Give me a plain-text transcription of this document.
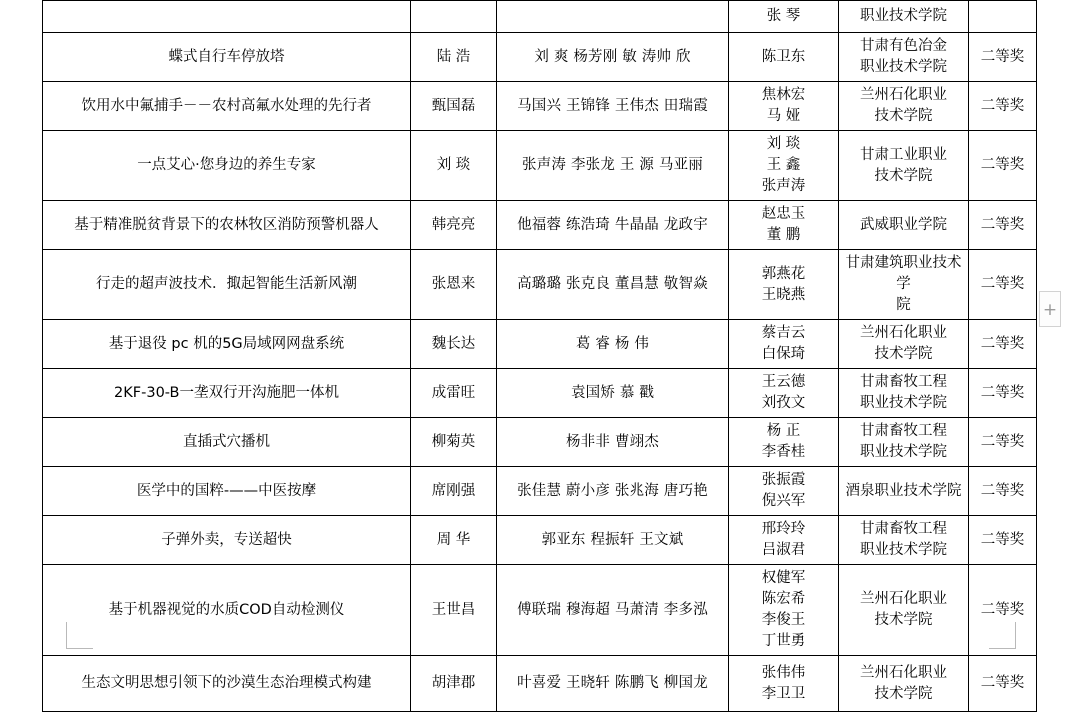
			张 琴	职业技术学院	

蝶式自行车停放塔	陆 浩	刘 爽 杨芳刚 敏 涛帅 欣	陈卫东	甘肃有色冶金
职业技术学院	二等奖

饮用水中氟捕手－－农村高氟水处理的先行者	甄国磊	马国兴 王锦锋 王伟杰 田瑞霞	焦林宏
马 娅	兰州石化职业
技术学院	二等奖

一点艾心·您身边的养生专家	刘 琰	张声涛 李张龙 王 源 马亚丽	刘 琰
王 鑫
张声涛	甘肃工业职业
技术学院	二等奖

基于精准脱贫背景下的农林牧区消防预警机器人	韩亮亮	他福蓉 练浩琦 牛晶晶 龙政宇	赵忠玉
董 鹏	武威职业学院	二等奖

行走的超声波技术．掫起智能生活新风潮	张恩来	高璐璐 张克良 董昌慧 敬智焱	郭燕花
王晓燕	甘肃建筑职业技术学
院	二等奖

基于退役 pc 机的5G局域网网盘系统	魏长达	葛 睿 杨 伟	蔡吉云
白保琦	兰州石化职业
技术学院	二等奖

2KF-30-B一垄双行开沟施肥一体机	成雷旺	袁国矫 慕 戳	王云德
刘孜文	甘肃畜牧工程
职业技术学院	二等奖

直插式穴播机	柳菊英	杨非非 曹翊杰	杨 正
李香桂	甘肃畜牧工程
职业技术学院	二等奖

医学中的国粹-——中医按摩	席刚强	张佳慧 蔚小彦 张兆海 唐巧艳	张振霞
倪兴军	酒泉职业技术学院	二等奖

子弹外卖，专送超快	周 华	郭亚东 程振轩 王文斌	邢玲玲
吕淑君	甘肃畜牧工程
职业技术学院	二等奖

基于机器视觉的水质COD自动检测仪	王世昌	傅联瑞 穆海超 马萧清 李多泓	权健军
陈宏希
李俊王
丁世勇	兰州石化职业
技术学院	二等奖

生态文明思想引领下的沙漠生态治理模式构建	胡津郡	叶喜爱 王晓轩 陈鹏飞 柳国龙	张伟伟
李卫卫	兰州石化职业
技术学院	二等奖
+
